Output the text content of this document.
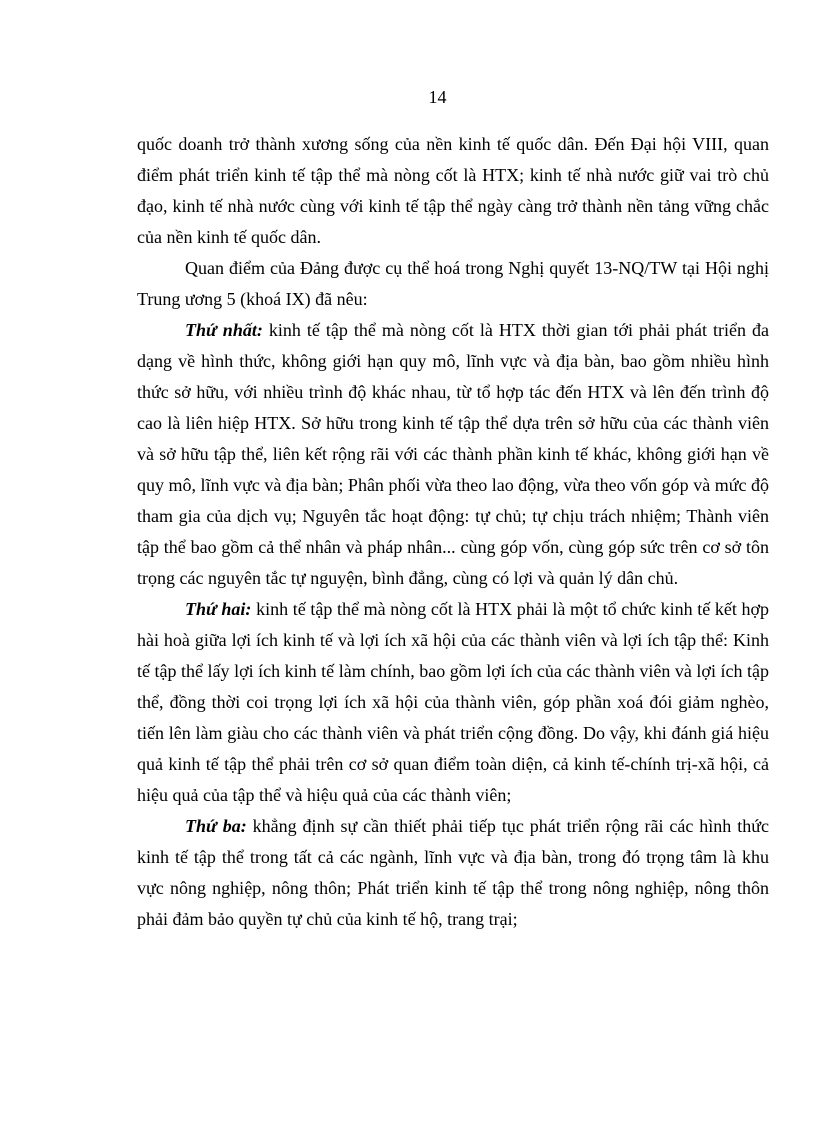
14

quốc doanh trở thành xương sống của nền kinh tế quốc dân. Đến Đại hội VIII, quan điểm phát triển kinh tế tập thể mà nòng cốt là HTX; kinh tế nhà nước giữ vai trò chủ đạo, kinh tế nhà nước cùng với kinh tế tập thể ngày càng trở thành nền tảng vững chắc của nền kinh tế quốc dân.

Quan điểm của Đảng được cụ thể hoá trong Nghị quyết 13-NQ/TW tại Hội nghị Trung ương 5 (khoá IX) đã nêu:

Thứ nhất: kinh tế tập thể mà nòng cốt là HTX thời gian tới phải phát triển đa dạng về hình thức, không giới hạn quy mô, lĩnh vực và địa bàn, bao gồm nhiều hình thức sở hữu, với nhiều trình độ khác nhau, từ tổ hợp tác đến HTX và lên đến trình độ cao là liên hiệp HTX. Sở hữu trong kinh tế tập thể dựa trên sở hữu của các thành viên và sở hữu tập thể, liên kết rộng rãi với các thành phần kinh tế khác, không giới hạn về quy mô, lĩnh vực và địa bàn; Phân phối vừa theo lao động, vừa theo vốn góp và mức độ tham gia của dịch vụ; Nguyên tắc hoạt động: tự chủ; tự chịu trách nhiệm; Thành viên tập thể bao gồm cả thể nhân và pháp nhân... cùng góp vốn, cùng góp sức trên cơ sở tôn trọng các nguyên tắc tự nguyện, bình đẳng, cùng có lợi và quản lý dân chủ.

Thứ hai: kinh tế tập thể mà nòng cốt là HTX phải là một tổ chức kinh tế kết hợp hài hoà giữa lợi ích kinh tế và lợi ích xã hội của các thành viên và lợi ích tập thể: Kinh tế tập thể lấy lợi ích kinh tế làm chính, bao gồm lợi ích của các thành viên và lợi ích tập thể, đồng thời coi trọng lợi ích xã hội của thành viên, góp phần xoá đói giảm nghèo, tiến lên làm giàu cho các thành viên và phát triển cộng đồng. Do vậy, khi đánh giá hiệu quả kinh tế tập thể phải trên cơ sở quan điểm toàn diện, cả kinh tế-chính trị-xã hội, cả hiệu quả của tập thể và hiệu quả của các thành viên;

Thứ ba: khẳng định sự cần thiết phải tiếp tục phát triển rộng rãi các hình thức kinh tế tập thể trong tất cả các ngành, lĩnh vực và địa bàn, trong đó trọng tâm là khu vực nông nghiệp, nông thôn; Phát triển kinh tế tập thể trong nông nghiệp, nông thôn phải đảm bảo quyền tự chủ của kinh tế hộ, trang trại;
